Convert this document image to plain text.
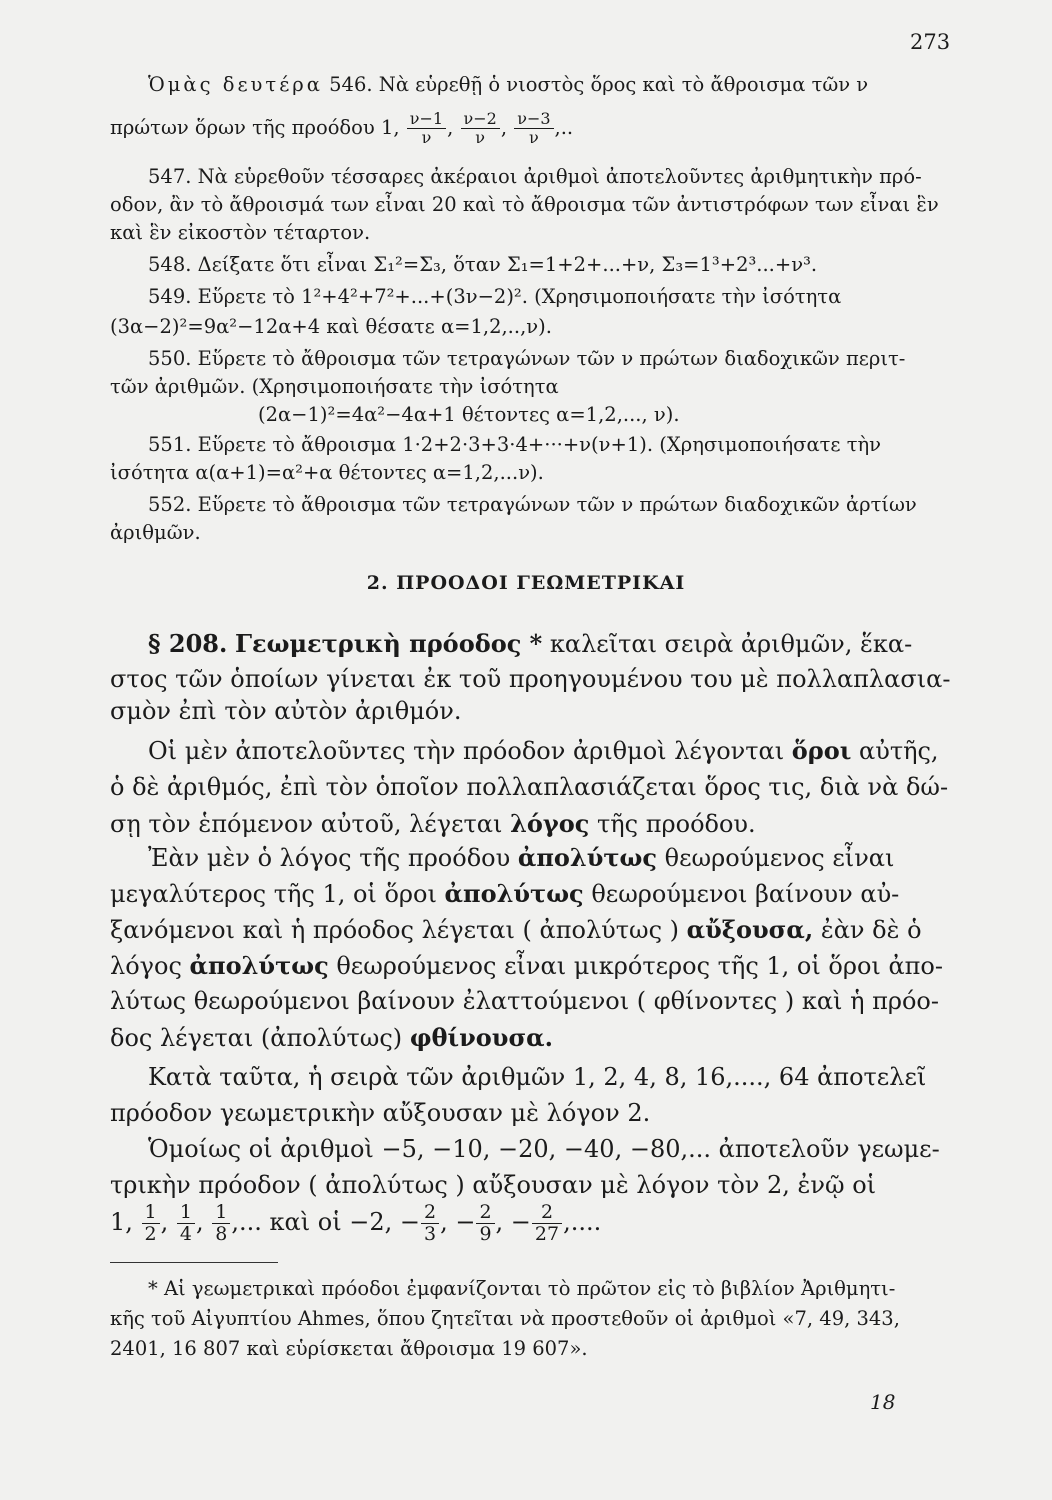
273
Ὁμὰς δευτέρα 546. Νὰ εὑρεθῇ ὁ νιοστὸς ὅρος καὶ τὸ ἄθροισμα τῶν ν
πρώτων ὅρων τῆς προόδου 1, $\frac{\nu-1}{\nu}$ , $\frac{\nu-2}{\nu}$ , $\frac{\nu-3}{\nu}$ ,..
547. Νὰ εὑρεθοῦν τέσσαρες ἀκέραιοι ἀριθμοὶ ἀποτελοῦντες ἀριθμητικὴν πρό-
οδον, ἂν τὸ ἄθροισμά των εἶναι 20 καὶ τὸ ἄθροισμα τῶν ἀντιστρόφων των εἶναι ἓν
καὶ ἓν εἰκοστὸν τέταρτον.
548. Δείξατε ὅτι εἶναι Σ₁²=Σ₃, ὅταν Σ₁=1+2+...+ν, Σ₃=1³+2³...+ν³.
549. Εὕρετε τὸ 1²+4²+7²+...+(3ν−2)². (Χρησιμοποιήσατε τὴν ἰσότητα
(3α−2)²=9α²−12α+4 καὶ θέσατε α=1,2,..,ν).
550. Εὕρετε τὸ ἄθροισμα τῶν τετραγώνων τῶν ν πρώτων διαδοχικῶν περιτ-
τῶν ἀριθμῶν. (Χρησιμοποιήσατε τὴν ἰσότητα
(2α−1)²=4α²−4α+1 θέτοντες α=1,2,..., ν).
551. Εὕρετε τὸ ἄθροισμα 1·2+2·3+3·4+···+ν(ν+1). (Χρησιμοποιήσατε τὴν
ἰσότητα α(α+1)=α²+α θέτοντες α=1,2,...ν).
552. Εὕρετε τὸ ἄθροισμα τῶν τετραγώνων τῶν ν πρώτων διαδοχικῶν ἀρτίων
ἀριθμῶν.
2. ΠΡΟΟΔΟΙ ΓΕΩΜΕΤΡΙΚΑΙ
§ 208. Γεωμετρικὴ πρόοδος * καλεῖται σειρὰ ἀριθμῶν, ἕκα-
στος τῶν ὁποίων γίνεται ἐκ τοῦ προηγουμένου του μὲ πολλαπλασια-
σμὸν ἐπὶ τὸν αὐτὸν ἀριθμόν.
Οἱ μὲν ἀποτελοῦντες τὴν πρόοδον ἀριθμοὶ λέγονται ὅροι αὐτῆς,
ὁ δὲ ἀριθμός, ἐπὶ τὸν ὁποῖον πολλαπλασιάζεται ὅρος τις, διὰ νὰ δώ-
σῃ τὸν ἑπόμενον αὐτοῦ, λέγεται λόγος τῆς προόδου.
Ἐὰν μὲν ὁ λόγος τῆς προόδου ἀπολύτως θεωρούμενος εἶναι
μεγαλύτερος τῆς 1, οἱ ὅροι ἀπολύτως θεωρούμενοι βαίνουν αὐ-
ξανόμενοι καὶ ἡ πρόοδος λέγεται ( ἀπολύτως ) αὔξουσα, ἐὰν δὲ ὁ
λόγος ἀπολύτως θεωρούμενος εἶναι μικρότερος τῆς 1, οἱ ὅροι ἀπο-
λύτως θεωρούμενοι βαίνουν ἐλαττούμενοι ( φθίνοντες ) καὶ ἡ πρόο-
δος λέγεται (ἀπολύτως) φθίνουσα.
Κατὰ ταῦτα, ἡ σειρὰ τῶν ἀριθμῶν 1, 2, 4, 8, 16,...., 64 ἀποτελεῖ
πρόοδον γεωμετρικὴν αὔξουσαν μὲ λόγον 2.
Ὁμοίως οἱ ἀριθμοὶ −5, −10, −20, −40, −80,... ἀποτελοῦν γεωμε-
τρικὴν πρόοδον ( ἀπολύτως ) αὔξουσαν μὲ λόγον τὸν 2, ἐνῷ οἱ
1, $\frac{1}{2}$ , $\frac{1}{4}$ , $\frac{1}{8}$ ,... καὶ οἱ −2, − $\frac{2}{3}$ , − $\frac{2}{9}$ , − $\frac{2}{27}$ ,....
* Αἱ γεωμετρικαὶ πρόοδοι ἐμφανίζονται τὸ πρῶτον εἰς τὸ βιβλίον Ἀριθμητι-
κῆς τοῦ Αἰγυπτίου Ahmes, ὅπου ζητεῖται νὰ προστεθοῦν οἱ ἀριθμοὶ «7, 49, 343,
2401, 16 807 καὶ εὑρίσκεται ἄθροισμα 19 607».
18
